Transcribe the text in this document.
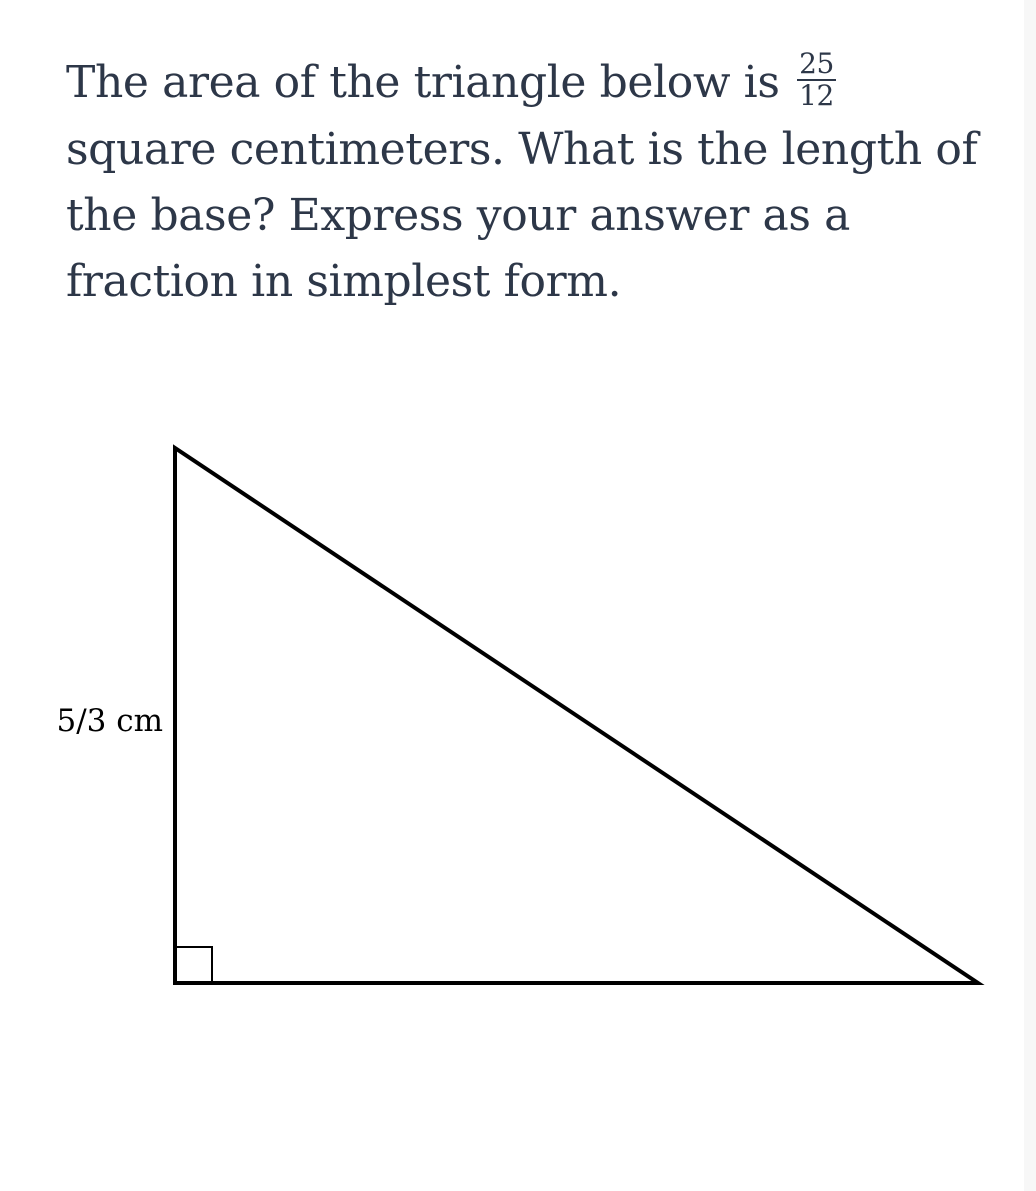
The area of the triangle below is $\frac{25}{12}$
square centimeters. What is the length of the base? Express your answer as a fraction in simplest form.
5/3 cm
